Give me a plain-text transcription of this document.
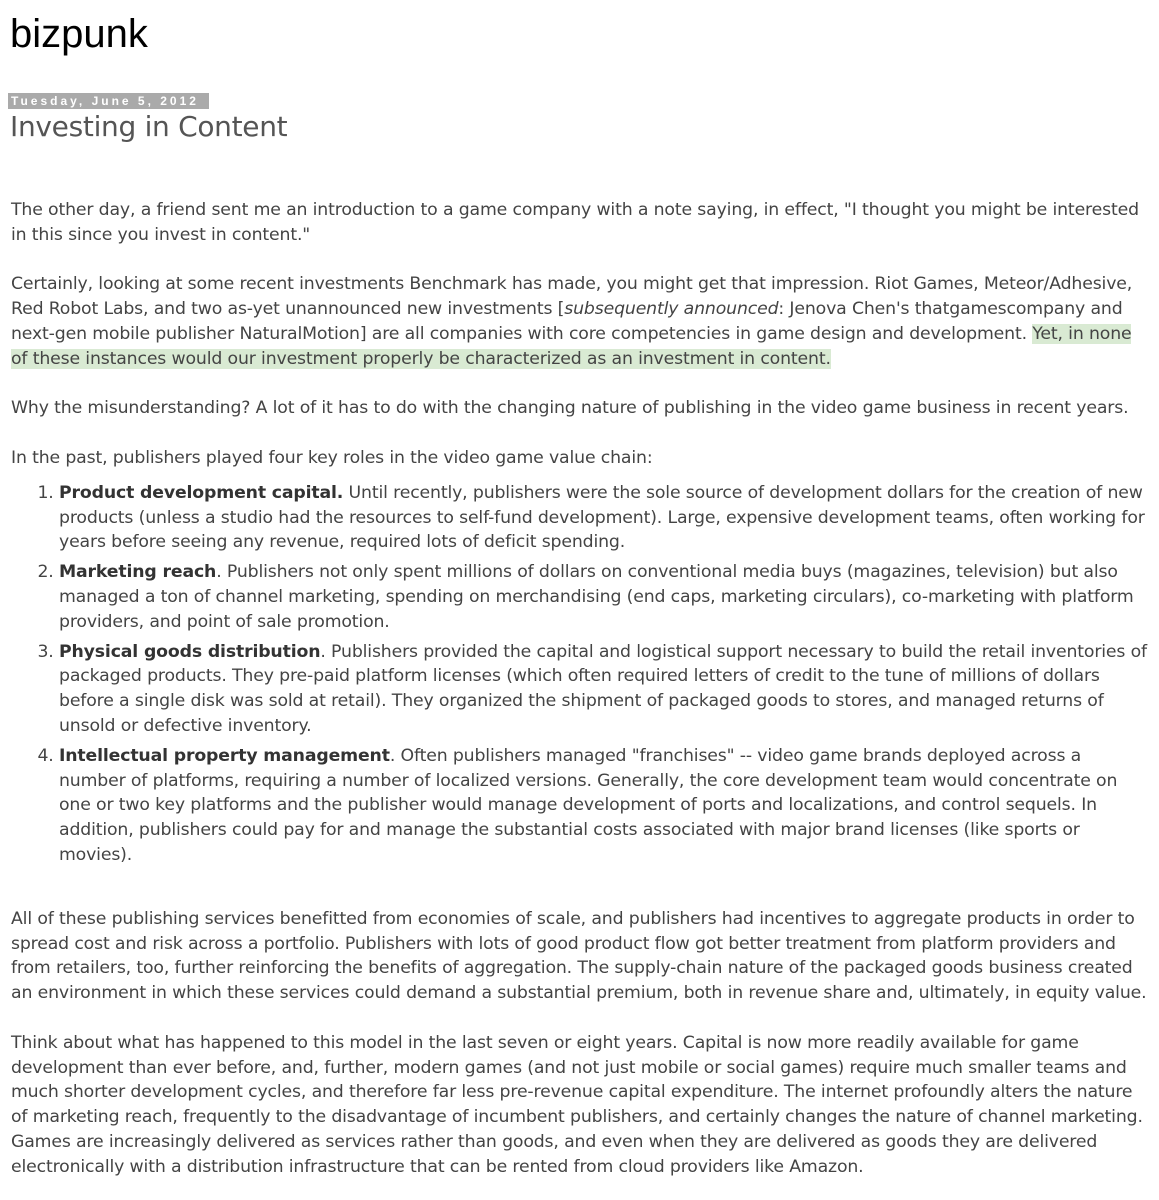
bizpunk
Tuesday, June 5, 2012
Investing in Content

The other day, a friend sent me an introduction to a game company with a note saying, in effect, "I thought you might be interested in this since you invest in content."

Certainly, looking at some recent investments Benchmark has made, you might get that impression. Riot Games, Meteor/Adhesive, Red Robot Labs, and two as-yet unannounced new investments [subsequently announced: Jenova Chen's thatgamescompany and next-gen mobile publisher NaturalMotion] are all companies with core competencies in game design and development. Yet, in none of these instances would our investment properly be characterized as an investment in content.

Why the misunderstanding? A lot of it has to do with the changing nature of publishing in the video game business in recent years.

In the past, publishers played four key roles in the video game value chain:

1. Product development capital. Until recently, publishers were the sole source of development dollars for the creation of new products (unless a studio had the resources to self-fund development). Large, expensive development teams, often working for years before seeing any revenue, required lots of deficit spending.
2. Marketing reach. Publishers not only spent millions of dollars on conventional media buys (magazines, television) but also managed a ton of channel marketing, spending on merchandising (end caps, marketing circulars), co-marketing with platform providers, and point of sale promotion.
3. Physical goods distribution. Publishers provided the capital and logistical support necessary to build the retail inventories of packaged products. They pre-paid platform licenses (which often required letters of credit to the tune of millions of dollars before a single disk was sold at retail). They organized the shipment of packaged goods to stores, and managed returns of unsold or defective inventory.
4. Intellectual property management. Often publishers managed "franchises" -- video game brands deployed across a number of platforms, requiring a number of localized versions. Generally, the core development team would concentrate on one or two key platforms and the publisher would manage development of ports and localizations, and control sequels. In addition, publishers could pay for and manage the substantial costs associated with major brand licenses (like sports or movies).

All of these publishing services benefitted from economies of scale, and publishers had incentives to aggregate products in order to spread cost and risk across a portfolio. Publishers with lots of good product flow got better treatment from platform providers and from retailers, too, further reinforcing the benefits of aggregation. The supply-chain nature of the packaged goods business created an environment in which these services could demand a substantial premium, both in revenue share and, ultimately, in equity value.

Think about what has happened to this model in the last seven or eight years. Capital is now more readily available for game development than ever before, and, further, modern games (and not just mobile or social games) require much smaller teams and much shorter development cycles, and therefore far less pre-revenue capital expenditure. The internet profoundly alters the nature of marketing reach, frequently to the disadvantage of incumbent publishers, and certainly changes the nature of channel marketing. Games are increasingly delivered as services rather than goods, and even when they are delivered as goods they are delivered electronically with a distribution infrastructure that can be rented from cloud providers like Amazon.
